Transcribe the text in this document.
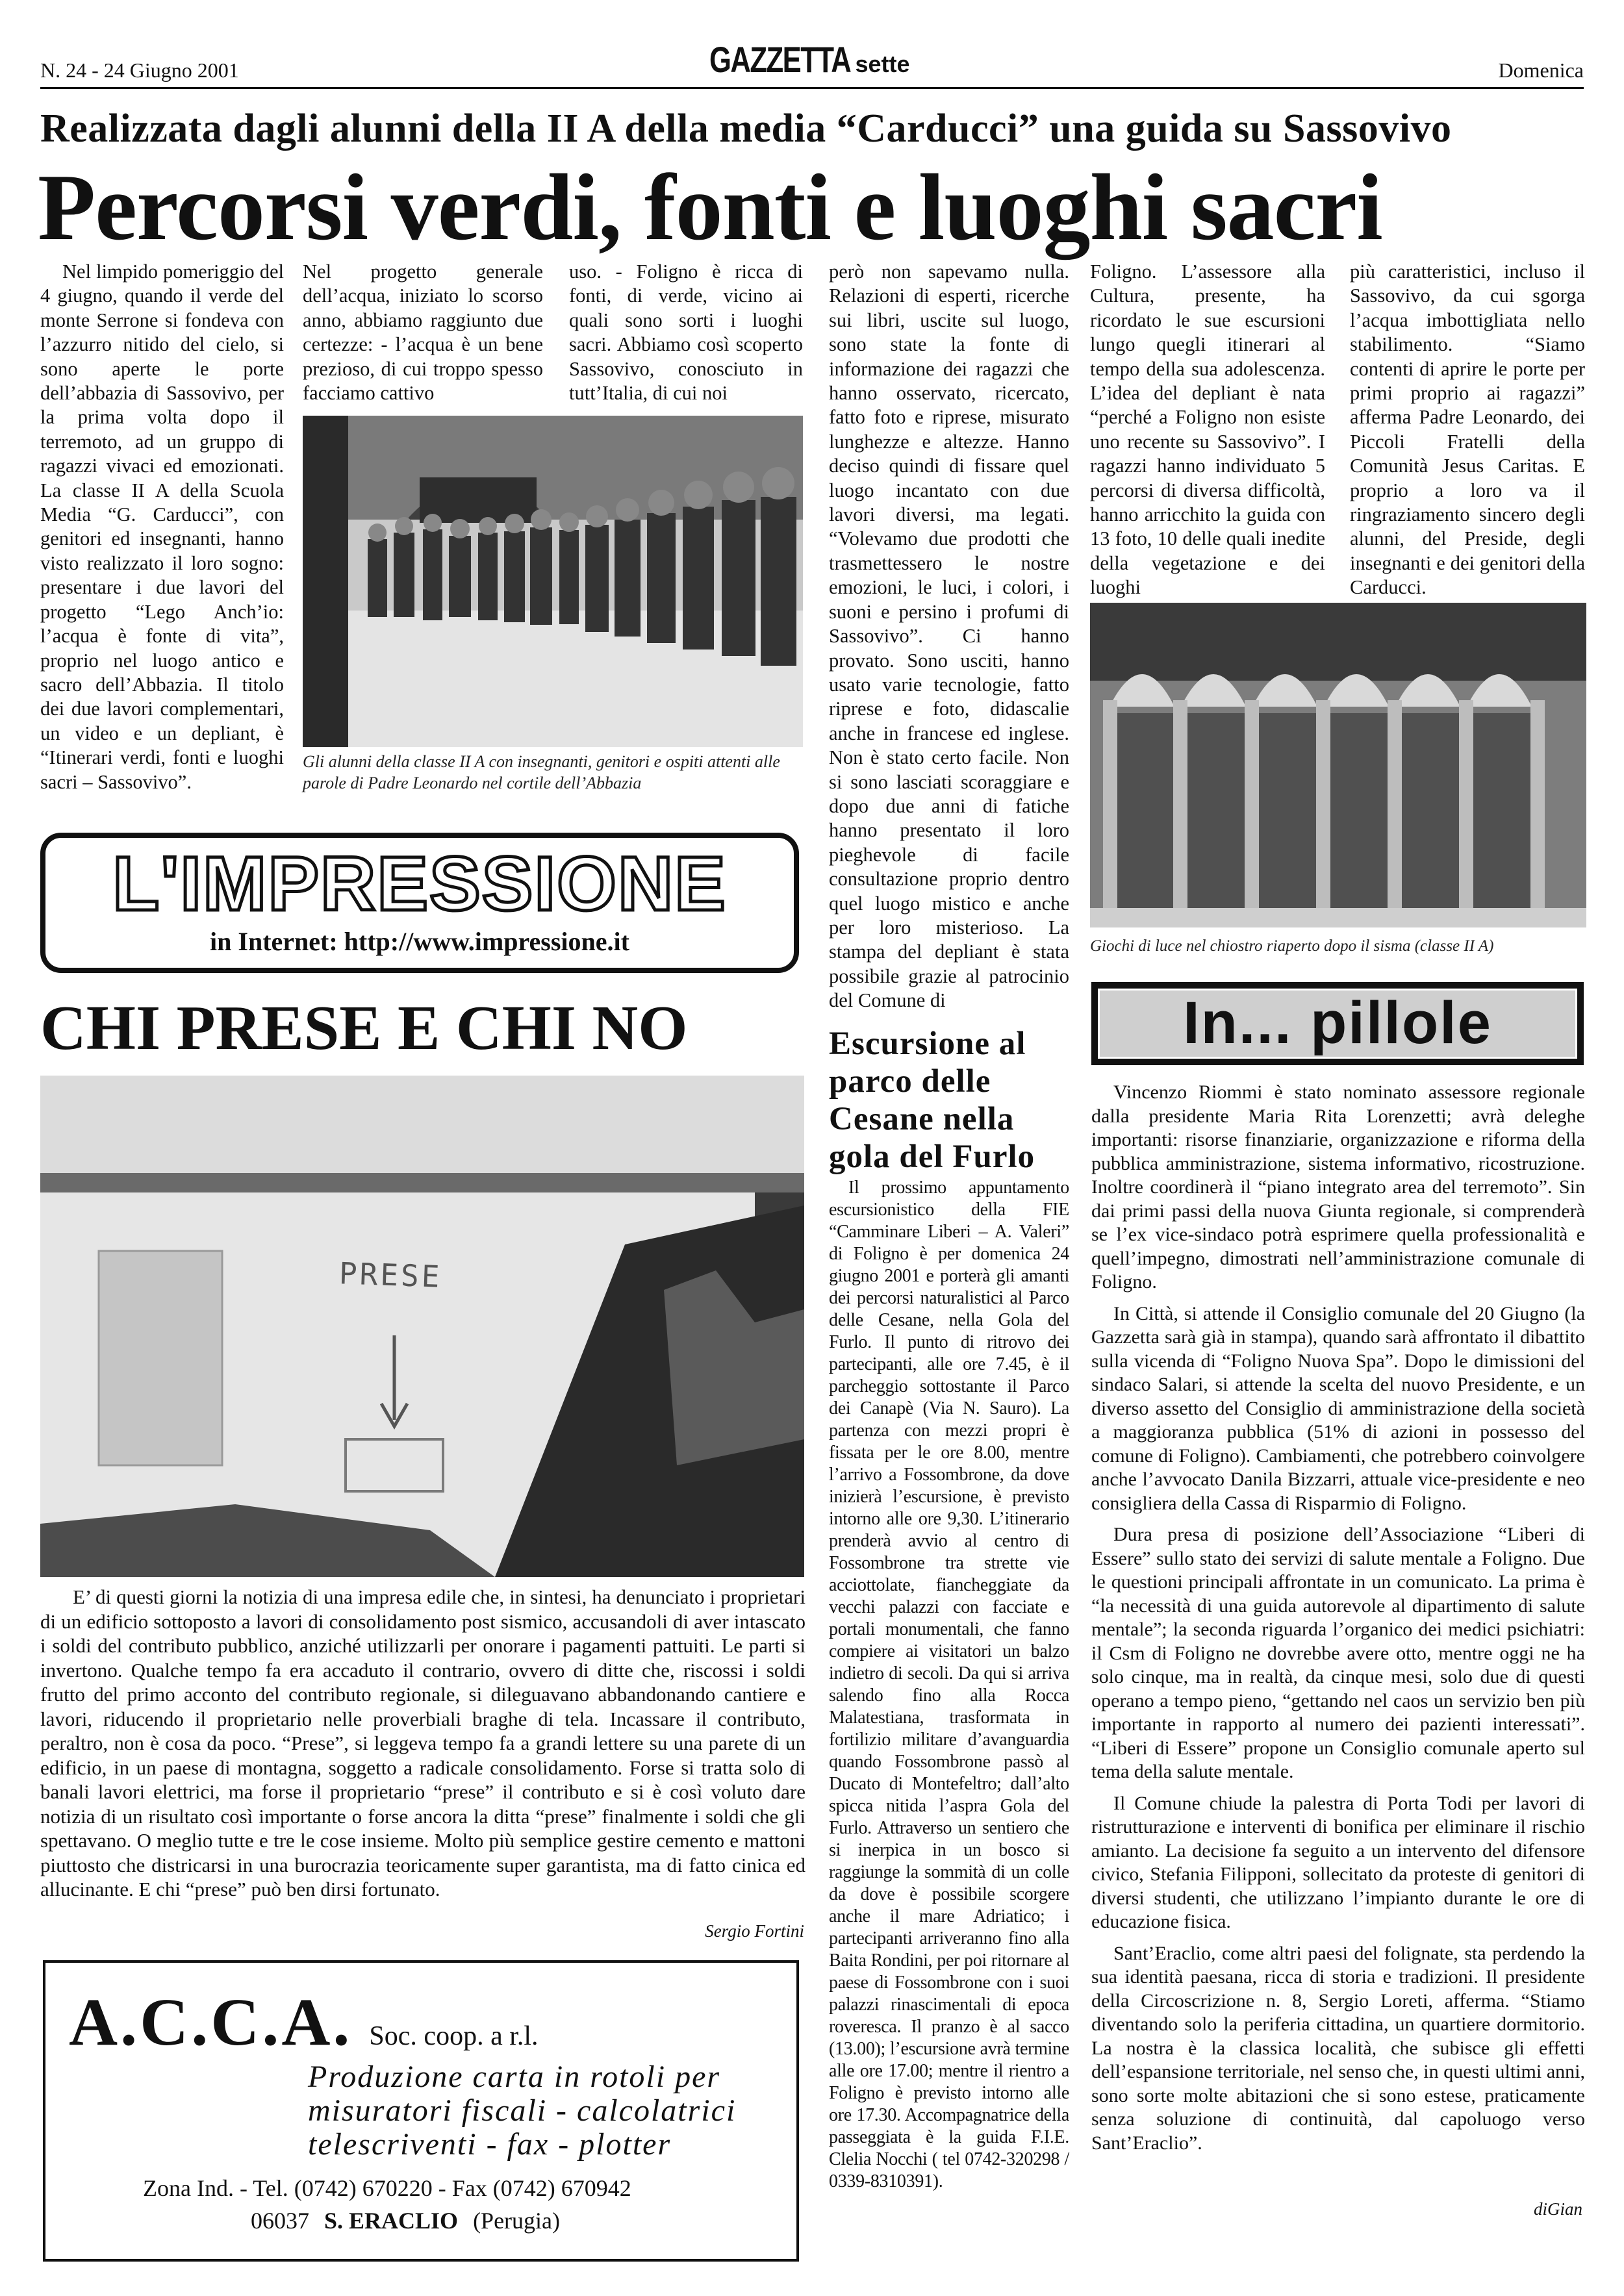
N. 24 - 24 Giugno 2001	GAZZETTA sette	Domenica
Realizzata dagli alunni della II A della media “Carducci” una guida su Sassovivo
Percorsi verdi, fonti e luoghi sacri

Nel limpido pomeriggio del 4 giugno, quando il verde del monte Serrone si fondeva con l’azzurro nitido del cielo, si sono aperte le porte dell’abbazia di Sassovivo, per la prima volta dopo il terremoto, ad un gruppo di ragazzi vivaci ed emozionati. La classe II A della Scuola Media “G. Carducci”, con genitori ed insegnanti, hanno visto realizzato il loro sogno: presentare i due lavori del progetto “Lego Anch’io: l’acqua è fonte di vita”, proprio nel luogo antico e sacro dell’Abbazia. Il titolo dei due lavori complementari, un video e un depliant, è “Itinerari verdi, fonti e luoghi sacri – Sassovivo”.

Nel progetto generale dell’acqua, iniziato lo scorso anno, abbiamo raggiunto due certezze: - l’acqua è un bene prezioso, di cui troppo spesso facciamo cattivo

uso. - Foligno è ricca di fonti, di verde, vicino ai quali sono sorti i luoghi sacri. Abbiamo così scoperto Sassovivo, conosciuto in tutt’Italia, di cui noi

però non sapevamo nulla. Relazioni di esperti, ricerche sui libri, uscite sul luogo, sono state la fonte di informazione dei ragazzi che hanno osservato, ricercato, fatto foto e riprese, misurato lunghezze e altezze. Hanno deciso quindi di fissare quel luogo incantato con due lavori diversi, ma legati. “Volevamo due prodotti che trasmettessero le nostre emozioni, le luci, i colori, i suoni e persino i profumi di Sassovivo”. Ci hanno provato. Sono usciti, hanno usato varie tecnologie, fatto riprese e foto, didascalie anche in francese ed inglese. Non è stato certo facile. Non si sono lasciati scoraggiare e dopo due anni di fatiche hanno presentato il loro pieghevole di facile consultazione proprio dentro quel luogo mistico e anche per loro misterioso. La stampa del depliant è stata possibile grazie al patrocinio del Comune di

Foligno. L’assessore alla Cultura, presente, ha ricordato le sue escursioni lungo quegli itinerari al tempo della sua adolescenza. L’idea del depliant è nata “perché a Foligno non esiste uno recente su Sassovivo”. I ragazzi hanno individuato 5 percorsi di diversa difficoltà, hanno arricchito la guida con 13 foto, 10 delle quali inedite della vegetazione e dei luoghi

più caratteristici, incluso il Sassovivo, da cui sgorga l’acqua imbottigliata nello stabilimento. “Siamo contenti di aprire le porte per primi proprio ai ragazzi” afferma Padre Leonardo, dei Piccoli Fratelli della Comunità Jesus Caritas. E proprio a loro va il ringraziamento sincero degli alunni, del Preside, degli insegnanti e dei genitori della Carducci.

Gli alunni della classe II A con insegnanti, genitori e ospiti attenti alle parole di Padre Leonardo nel cortile dell’Abbazia
Giochi di luce nel chiostro riaperto dopo il sisma (classe II A)
L'IMPRESSIONE
in Internet: http://www.impressione.it
CHI PRESE E CHI NO
PRESE

E’ di questi giorni la notizia di una impresa edile che, in sintesi, ha denunciato i proprietari di un edificio sottoposto a lavori di consolidamento post sismico, accusandoli di aver intascato i soldi del contributo pubblico, anziché utilizzarli per onorare i pagamenti pattuiti. Le parti si invertono. Qualche tempo fa era accaduto il contrario, ovvero di ditte che, riscossi i soldi frutto del primo acconto del contributo regionale, si dileguavano abbandonando cantiere e lavori, riducendo il proprietario nelle proverbiali braghe di tela. Incassare il contributo, peraltro, non è cosa da poco. “Prese”, si leggeva tempo fa a grandi lettere su una parete di un edificio, in un paese di montagna, soggetto a radicale consolidamento. Forse si tratta solo di banali lavori elettrici, ma forse il proprietario “prese” il contributo e si è così voluto dare notizia di un risultato così importante o forse ancora la ditta “prese” finalmente i soldi che gli spettavano. O meglio tutte e tre le cose insieme. Molto più semplice gestire cemento e mattoni piuttosto che districarsi in una burocrazia teoricamente super garantista, ma di fatto cinica ed allucinante. E chi “prese” può ben dirsi fortunato.

Sergio Fortini
A.C.C.A. Soc. coop. a r.l.
Produzione carta in rotoli per
misuratori fiscali - calcolatrici
telescriventi - fax - plotter
Zona Ind. - Tel. (0742) 670220 - Fax (0742) 670942
06037 S. ERACLIO (Perugia)
Escursione al parco delle Cesane nella gola del Furlo

Il prossimo appuntamento escursionistico della FIE “Camminare Liberi – A. Valeri” di Foligno è per domenica 24 giugno 2001 e porterà gli amanti dei percorsi naturalistici al Parco delle Cesane, nella Gola del Furlo. Il punto di ritrovo dei partecipanti, alle ore 7.45, è il parcheggio sottostante il Parco dei Canapè (Via N. Sauro). La partenza con mezzi propri è fissata per le ore 8.00, mentre l’arrivo a Fossombrone, da dove inizierà l’escursione, è previsto intorno alle ore 9,30. L’itinerario prenderà avvio al centro di Fossombrone tra strette vie acciottolate, fiancheggiate da vecchi palazzi con facciate e portali monumentali, che fanno compiere ai visitatori un balzo indietro di secoli. Da qui si arriva salendo fino alla Rocca Malatestiana, trasformata in fortilizio militare d’avanguardia quando Fossombrone passò al Ducato di Montefeltro; dall’alto spicca nitida l’aspra Gola del Furlo. Attraverso un sentiero che si inerpica in un bosco si raggiunge la sommità di un colle da dove è possibile scorgere anche il mare Adriatico; i partecipanti arriveranno fino alla Baita Rondini, per poi ritornare al paese di Fossombrone con i suoi palazzi rinascimentali di epoca roveresca. Il pranzo è al sacco (13.00); l’escursione avrà termine alle ore 17.00; mentre il rientro a Foligno è previsto intorno alle ore 17.30. Accompagnatrice della passeggiata è la guida F.I.E. Clelia Nocchi ( tel 0742-320298 / 0339-8310391).

In... pillole

Vincenzo Riommi è stato nominato assessore regionale dalla presidente Maria Rita Lorenzetti; avrà deleghe importanti: risorse finanziarie, organizzazione e riforma della pubblica amministrazione, sistema informativo, ricostruzione. Inoltre coordinerà il “piano integrato area del terremoto”. Sin dai primi passi della nuova Giunta regionale, si comprenderà se l’ex vice-sindaco potrà esprimere quella professionalità e quell’impegno, dimostrati nell’amministrazione comunale di Foligno.

In Città, si attende il Consiglio comunale del 20 Giugno (la Gazzetta sarà già in stampa), quando sarà affrontato il dibattito sulla vicenda di “Foligno Nuova Spa”. Dopo le dimissioni del sindaco Salari, si attende la scelta del nuovo Presidente, e un diverso assetto del Consiglio di amministrazione della società a maggioranza pubblica (51% di azioni in possesso del comune di Foligno). Cambiamenti, che potrebbero coinvolgere anche l’avvocato Danila Bizzarri, attuale vice-presidente e neo consigliera della Cassa di Risparmio di Foligno.

Dura presa di posizione dell’Associazione “Liberi di Essere” sullo stato dei servizi di salute mentale a Foligno. Due le questioni principali affrontate in un comunicato. La prima è “la necessità di una guida autorevole al dipartimento di salute mentale”; la seconda riguarda l’organico dei medici psichiatri: il Csm di Foligno ne dovrebbe avere otto, mentre oggi ne ha solo cinque, ma in realtà, da cinque mesi, solo due di questi operano a tempo pieno, “gettando nel caos un servizio ben più importante in rapporto al numero dei pazienti interessati”. “Liberi di Essere” propone un Consiglio comunale aperto sul tema della salute mentale.

Il Comune chiude la palestra di Porta Todi per lavori di ristrutturazione e interventi di bonifica per eliminare il rischio amianto. La decisione fa seguito a un intervento del difensore civico, Stefania Filipponi, sollecitato da proteste di genitori di diversi studenti, che utilizzano l’impianto durante le ore di educazione fisica.

Sant’Eraclio, come altri paesi del folignate, sta perdendo la sua identità paesana, ricca di storia e tradizioni. Il presidente della Circoscrizione n. 8, Sergio Loreti, afferma. “Stiamo diventando solo la periferia cittadina, un quartiere dormitorio. La nostra è la classica località, che subisce gli effetti dell’espansione territoriale, nel senso che, in questi ultimi anni, sono sorte molte abitazioni che si sono estese, praticamente senza soluzione di continuità, dal capoluogo verso Sant’Eraclio”.

diGian
